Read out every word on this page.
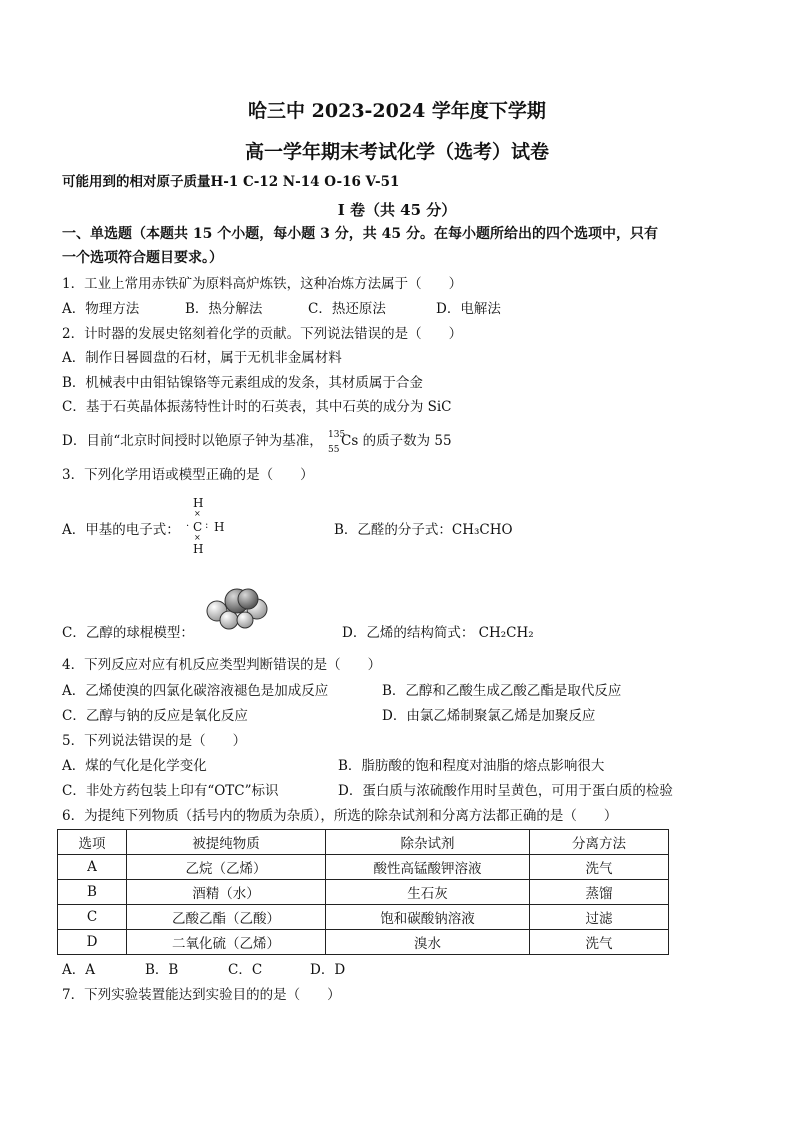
哈三中 2023-2024 学年度下学期
高一学年期末考试化学（选考）试卷
可能用到的相对原子质量H-1 C-12 N-14 O-16 V-51
I 卷（共 45 分）
一、单选题（本题共 15 个小题，每小题 3 分，共 45 分。在每小题所给出的四个选项中，只有
一个选项符合题目要求。）
1．工业上常用赤铁矿为原料高炉炼铁，这种冶炼方法属于（　　）
A．物理方法	B．热分解法	C．热还原法	D．电解法
2．计时器的发展史铭刻着化学的贡献。下列说法错误的是（　　）
A．制作日晷圆盘的石材，属于无机非金属材料
B．机械表中由钼钴镍铬等元素组成的发条，其材质属于合金
C．基于石英晶体振荡特性计时的石英表，其中石英的成分为 SiC
D．目前“北京时间授时以铯原子钟为基准， 135
55
Cs 的质子数为 55
3．下列化学用语或模型正确的是（　　）
A．甲基的电子式：
H
×
· C : H
×
H
B．乙醛的分子式：CH₃CHO
C．乙醇的球棍模型：	D．乙烯的结构简式： CH₂CH₂
4．下列反应对应有机反应类型判断错误的是（　　）
A．乙烯使溴的四氯化碳溶液褪色是加成反应	B．乙醇和乙酸生成乙酸乙酯是取代反应
C．乙醇与钠的反应是氧化反应	D．由氯乙烯制聚氯乙烯是加聚反应
5．下列说法错误的是（　　）
A．煤的气化是化学变化	B．脂肪酸的饱和程度对油脂的熔点影响很大
C．非处方药包装上印有“OTC”标识	D．蛋白质与浓硫酸作用时呈黄色，可用于蛋白质的检验
6．为提纯下列物质（括号内的物质为杂质），所选的除杂试剂和分离方法都正确的是（　　）
选项	被提纯物质	除杂试剂	分离方法
A	乙烷（乙烯）	酸性高锰酸钾溶液	洗气
B	酒精（水）	生石灰	蒸馏
C	乙酸乙酯（乙酸）	饱和碳酸钠溶液	过滤
D	二氧化硫（乙烯）	溴水	洗气
A．A	B．B	C．C	D．D
7．下列实验装置能达到实验目的的是（　　）
